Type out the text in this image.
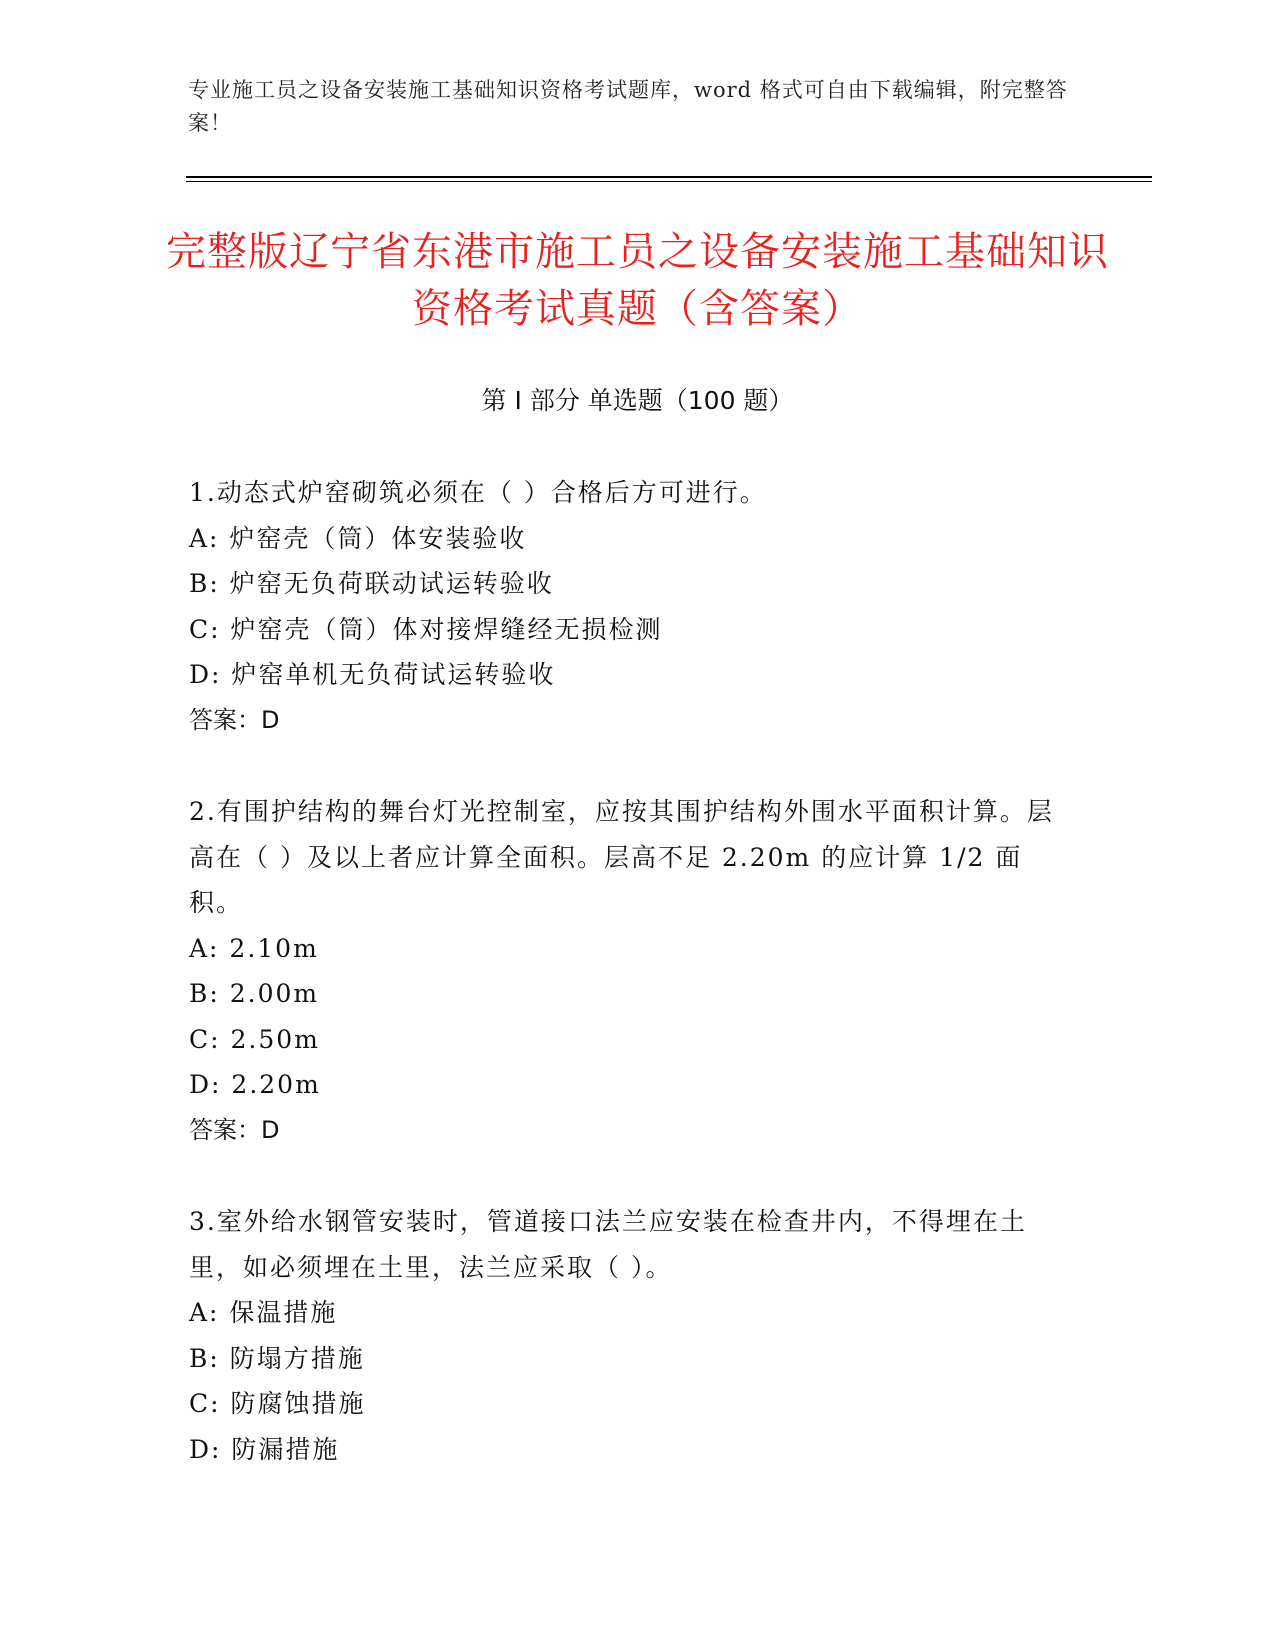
专业施工员之设备安装施工基础知识资格考试题库，word 格式可自由下载编辑，附完整答案！
完整版辽宁省东港市施工员之设备安装施工基础知识资格考试真题（含答案）
第 I 部分 单选题（100 题）
1.动态式炉窑砌筑必须在（ ）合格后方可进行。
A: 炉窑壳（筒）体安装验收
B: 炉窑无负荷联动试运转验收
C: 炉窑壳（筒）体对接焊缝经无损检测
D: 炉窑单机无负荷试运转验收
答案：D
2.有围护结构的舞台灯光控制室，应按其围护结构外围水平面积计算。层高在（ ）及以上者应计算全面积。层高不足 2.20m 的应计算 1/2 面积。
A: 2.10m
B: 2.00m
C: 2.50m
D: 2.20m
答案：D
3.室外给水钢管安装时，管道接口法兰应安装在检查井内，不得埋在土里，如必须埋在土里，法兰应采取（ ）。
A: 保温措施
B: 防塌方措施
C: 防腐蚀措施
D: 防漏措施
